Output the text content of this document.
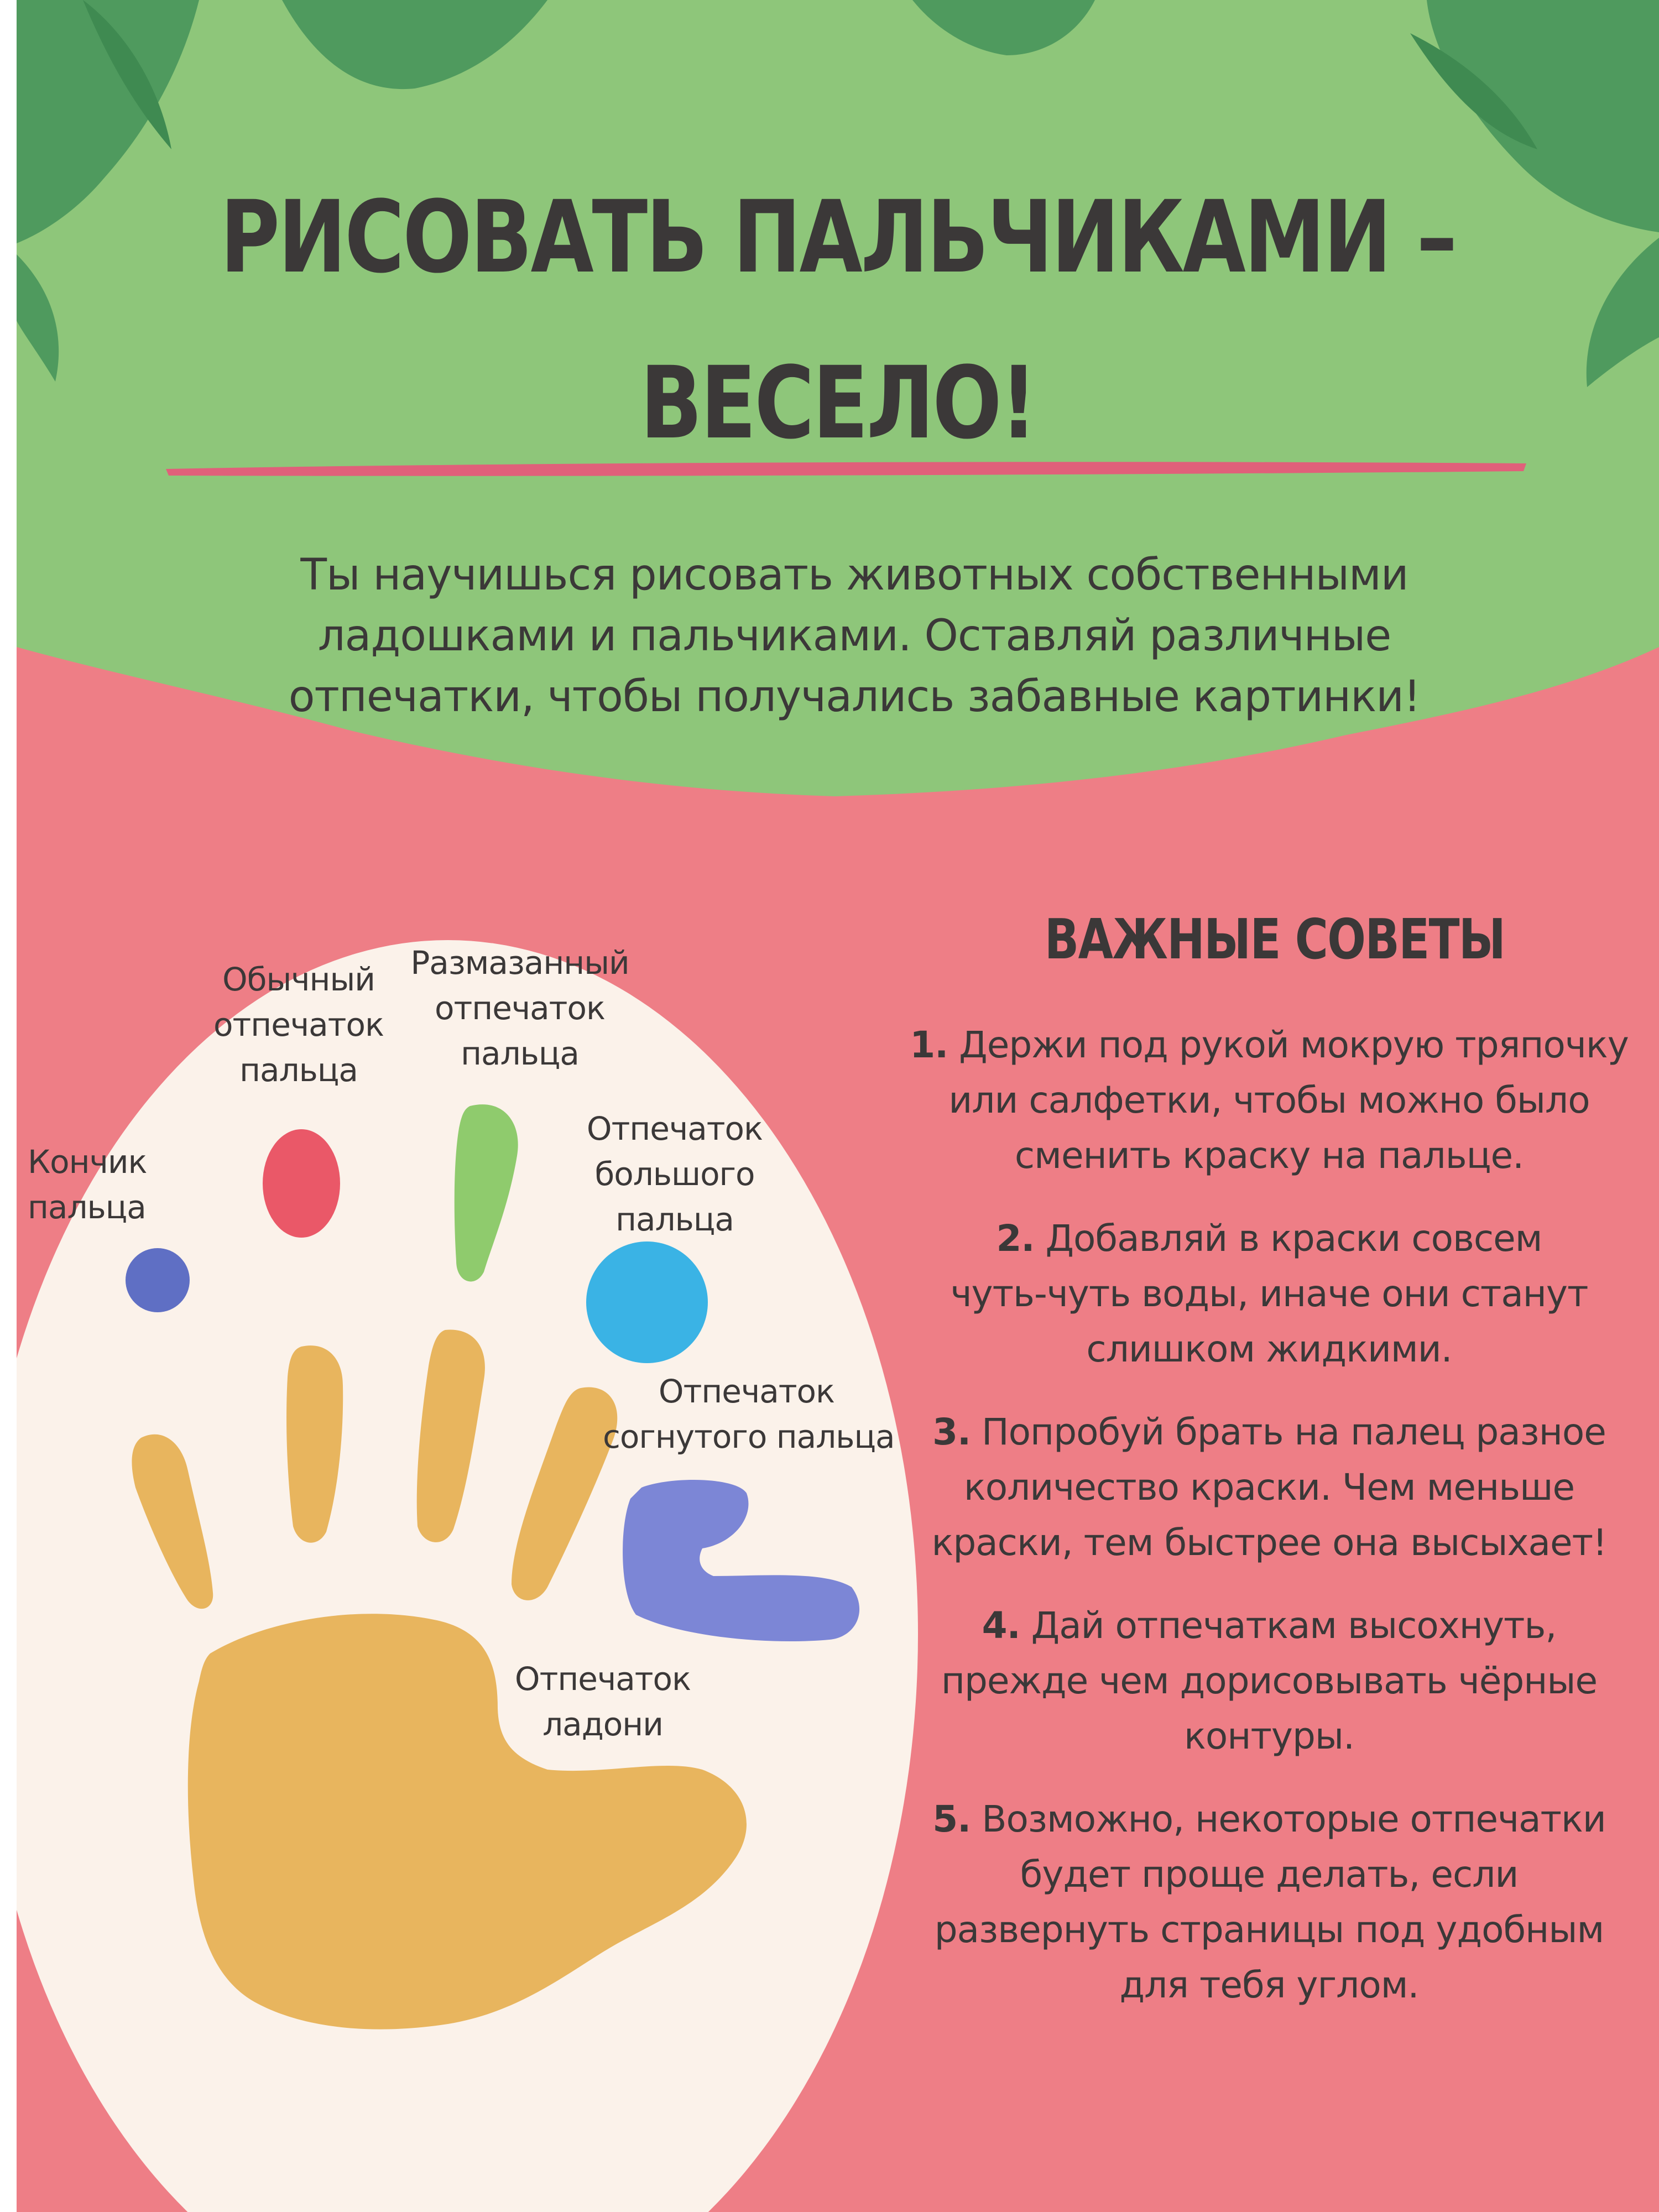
РИСОВАТЬ ПАЛЬЧИКАМИ –
ВЕСЕЛО!
Ты научишься рисовать животных собственными
ладошками и пальчиками. Оставляй различные
отпечатки, чтобы получались забавные картинки!
Кончик
пальца
Обычный
отпечаток
пальца
Размазанный
отпечаток
пальца
Отпечаток
большого
пальца
Отпечаток
согнутого пальца
Отпечаток
ладони
ВАЖНЫЕ СОВЕТЫ
1. Держи под рукой мокрую тряпочку
или салфетки, чтобы можно было
сменить краску на пальце.
2. Добавляй в краски совсем
чуть-чуть воды, иначе они станут
слишком жидкими.
3. Попробуй брать на палец разное
количество краски. Чем меньше
краски, тем быстрее она высыхает!
4. Дай отпечаткам высохнуть,
прежде чем дорисовывать чёрные
контуры.
5. Возможно, некоторые отпечатки
будет проще делать, если
развернуть страницы под удобным
для тебя углом.
